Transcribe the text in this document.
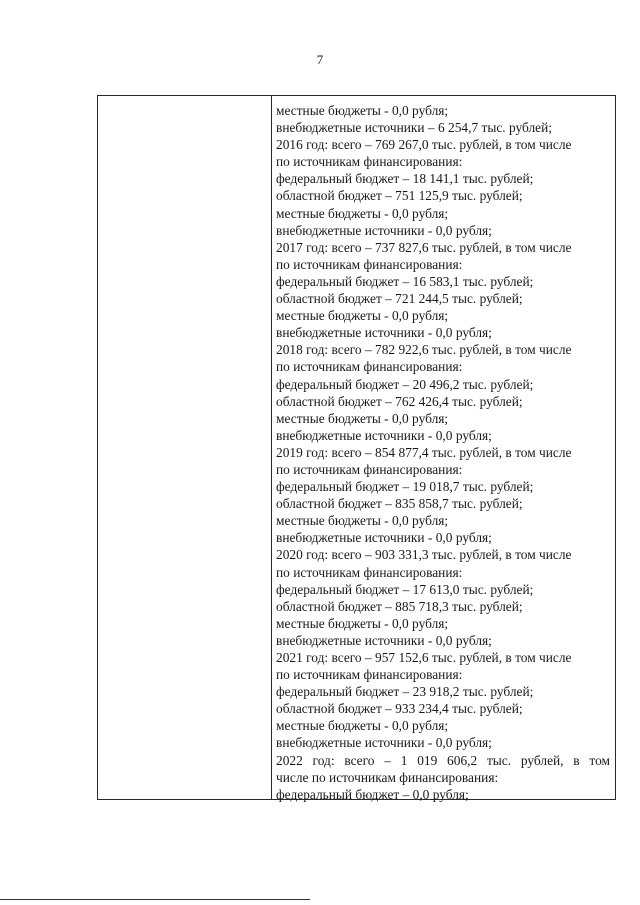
7
местные бюджеты - 0,0 рубля;
внебюджетные источники – 6 254,7 тыс. рублей;
2016 год: всего – 769 267,0 тыс. рублей, в том числе
по источникам финансирования:
федеральный бюджет – 18 141,1 тыс. рублей;
областной бюджет – 751 125,9 тыс. рублей;
местные бюджеты - 0,0 рубля;
внебюджетные источники - 0,0 рубля;
2017 год: всего – 737 827,6 тыс. рублей, в том числе
по источникам финансирования:
федеральный бюджет – 16 583,1 тыс. рублей;
областной бюджет – 721 244,5 тыс. рублей;
местные бюджеты - 0,0 рубля;
внебюджетные источники - 0,0 рубля;
2018 год: всего – 782 922,6 тыс. рублей, в том числе
по источникам финансирования:
федеральный бюджет – 20 496,2 тыс. рублей;
областной бюджет – 762 426,4 тыс. рублей;
местные бюджеты - 0,0 рубля;
внебюджетные источники - 0,0 рубля;
2019 год: всего – 854 877,4 тыс. рублей, в том числе
по источникам финансирования:
федеральный бюджет – 19 018,7 тыс. рублей;
областной бюджет – 835 858,7 тыс. рублей;
местные бюджеты - 0,0 рубля;
внебюджетные источники - 0,0 рубля;
2020 год: всего – 903 331,3 тыс. рублей, в том числе
по источникам финансирования:
федеральный бюджет – 17 613,0 тыс. рублей;
областной бюджет – 885 718,3 тыс. рублей;
местные бюджеты - 0,0 рубля;
внебюджетные источники - 0,0 рубля;
2021 год: всего – 957 152,6 тыс. рублей, в том числе
по источникам финансирования:
федеральный бюджет – 23 918,2 тыс. рублей;
областной бюджет – 933 234,4 тыс. рублей;
местные бюджеты - 0,0 рубля;
внебюджетные источники - 0,0 рубля;
2022 год: всего – 1 019 606,2 тыс. рублей, в том
числе по источникам финансирования:
федеральный бюджет – 0,0 рубля;
